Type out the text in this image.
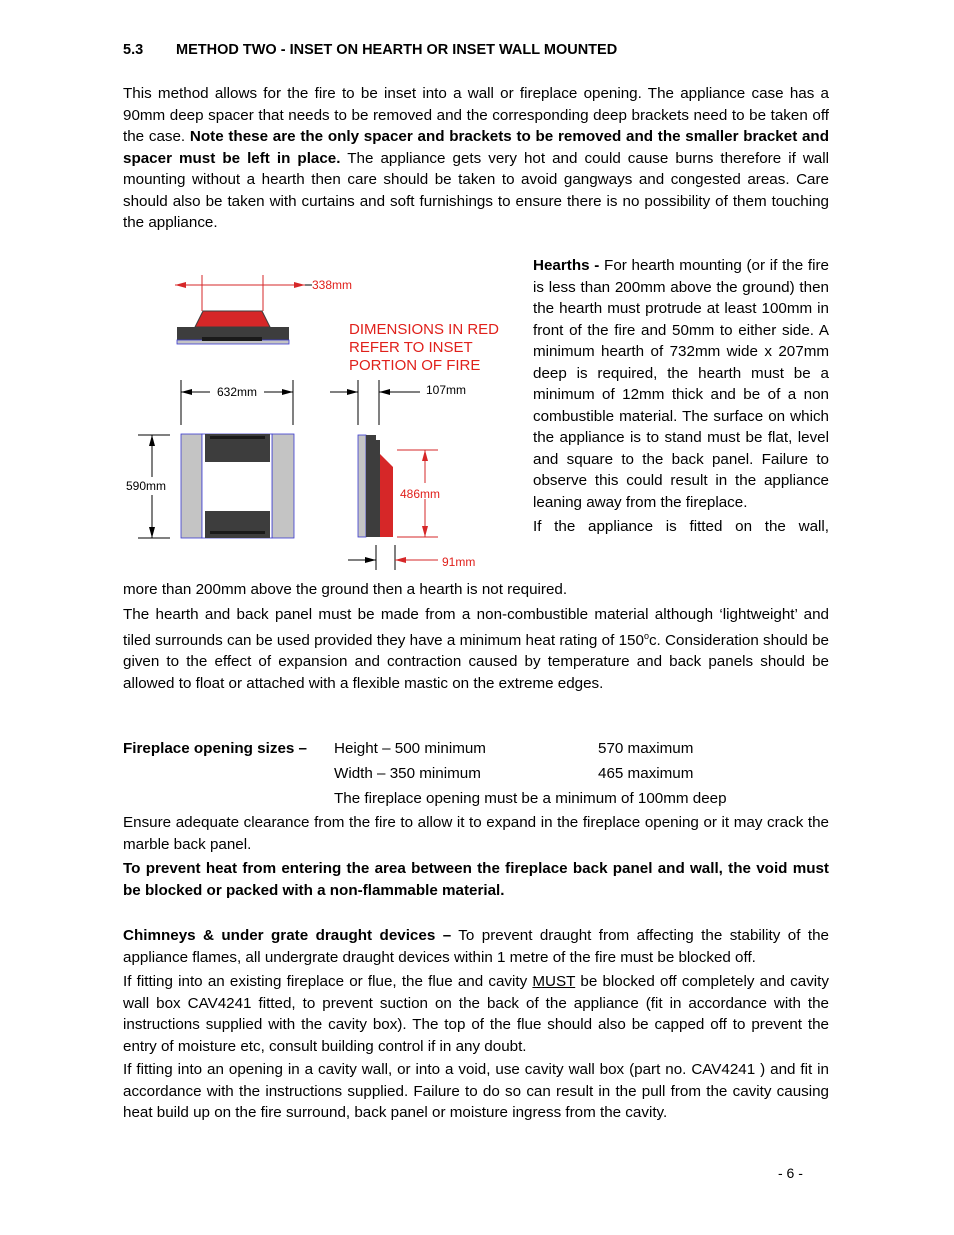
5.3 METHOD TWO - INSET ON HEARTH OR INSET WALL MOUNTED

This method allows for the fire to be inset into a wall or fireplace opening. The appliance case has a 90mm deep spacer that needs to be removed and the corresponding deep brackets need to be taken off the case. Note these are the only spacer and brackets to be removed and the smaller bracket and spacer must be left in place. The appliance gets very hot and could cause burns therefore if wall mounting without a hearth then care should be taken to avoid gangways and congested areas. Care should also be taken with curtains and soft furnishings to ensure there is no possibility of them touching the appliance.

Hearths - For hearth mounting (or if the fire is less than 200mm above the ground) then the hearth must protrude at least 100mm in front of the fire and 50mm to either side. A minimum hearth of 732mm wide x 207mm deep is required, the hearth must be a minimum of 12mm thick and be of a non combustible material. The surface on which the appliance is to stand must be flat, level and square to the back panel. Failure to observe this could result in the appliance leaning away from the fireplace.

If the appliance is fitted on the wall,

more than 200mm above the ground then a hearth is not required.

The hearth and back panel must be made from a non-combustible material although ‘lightweight’ and tiled surrounds can be used provided they have a minimum heat rating of 150$^o$c. Consideration should be given to the effect of expansion and contraction caused by temperature and back panels should be allowed to float or attached with a flexible mastic on the extreme edges.

Fireplace opening sizes – Height – 500 minimum	570 maximum
Width – 350 minimum	465 maximum
The fireplace opening must be a minimum of 100mm deep

Ensure adequate clearance from the fire to allow it to expand in the fireplace opening or it may crack the marble back panel.

To prevent heat from entering the area between the fireplace back panel and wall, the void must be blocked or packed with a non-flammable material.

Chimneys & under grate draught devices – To prevent draught from affecting the stability of the appliance flames, all undergrate draught devices within 1 metre of the fire must be blocked off.

If fitting into an existing fireplace or flue, the flue and cavity MUST be blocked off completely and cavity wall box CAV4241 fitted, to prevent suction on the back of the appliance (fit in accordance with the instructions supplied with the cavity box). The top of the flue should also be capped off to prevent the entry of moisture etc, consult building control if in any doubt.

If fitting into an opening in a cavity wall, or into a void, use cavity wall box (part no. CAV4241 ) and fit in accordance with the instructions supplied. Failure to do so can result in the pull from the cavity causing heat build up on the fire surround, back panel or moisture ingress from the cavity.

- 6 -
338mm
DIMENSIONS IN RED
REFER TO INSET
PORTION OF FIRE
632mm
590mm
107mm
486mm
91mm
